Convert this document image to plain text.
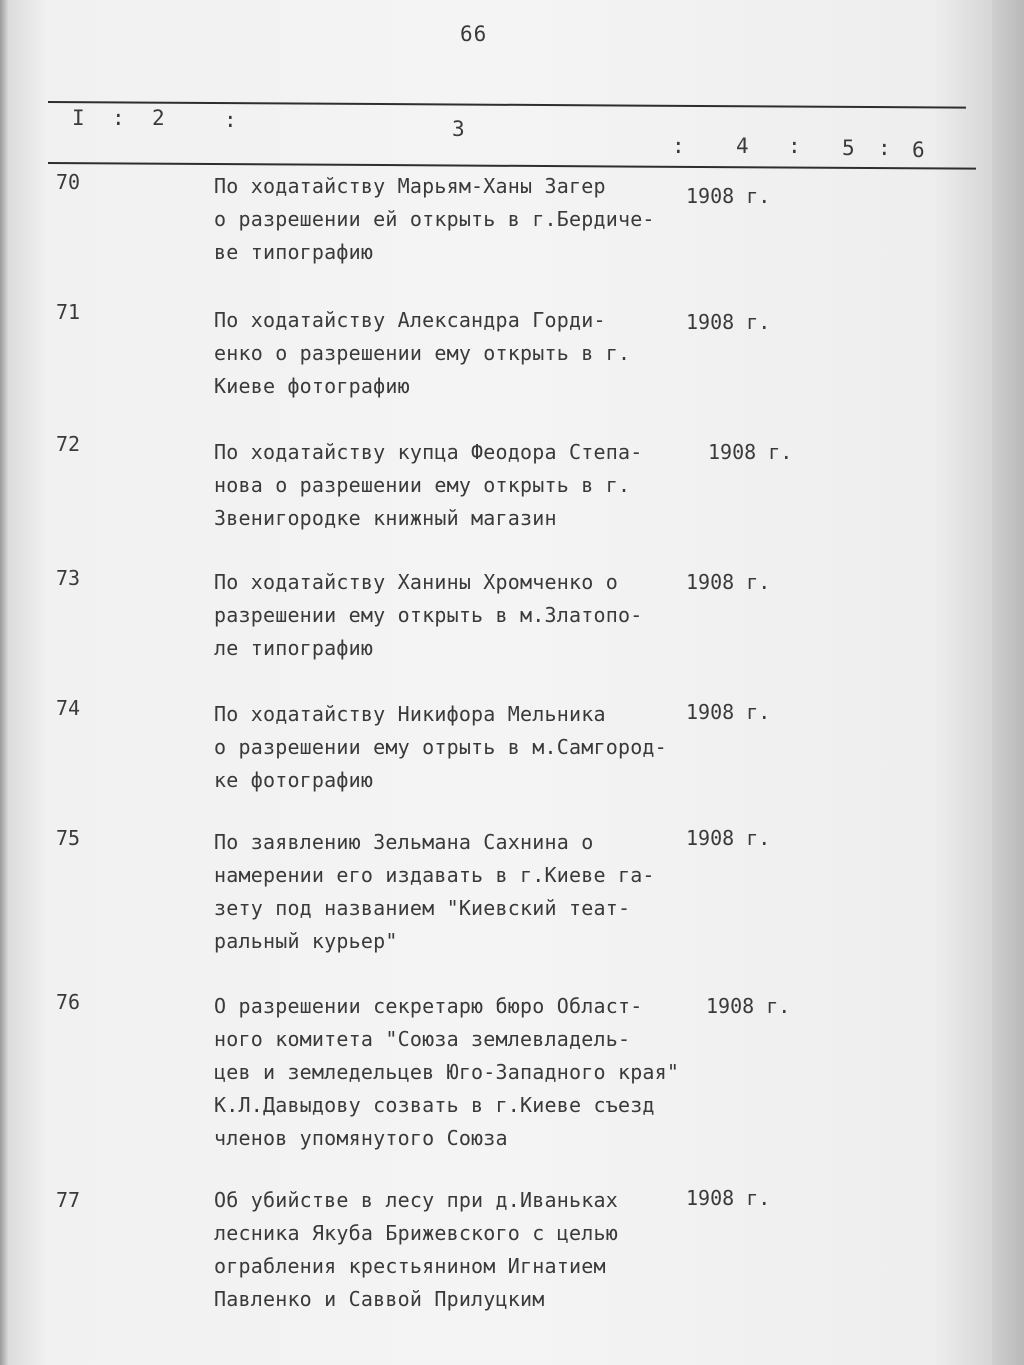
66
I : 2	:	3
: 4 : 5 : 6
70	По ходатайству Марьям-Ханы Загер
о разрешении ей открыть в г.Бердиче-
ве типографию
1908 г.
71	По ходатайству Александра Горди-
енко о разрешении ему открыть в г.
Киеве фотографию
1908 г.
72	По ходатайству купца Феодора Степа-
нова о разрешении ему открыть в г.
Звенигородке книжный магазин
1908 г.
73	По ходатайству Ханины Хромченко о
разрешении ему открыть в м.Златопо-
ле типографию
1908 г.
74	По ходатайству Никифора Мельника
о разрешении ему отрыть в м.Самгород-
ке фотографию
1908 г.
75	По заявлению Зельмана Сахнина о
намерении его издавать в г.Киеве га-
зету под названием "Киевский теат-
ральный курьер"
1908 г.
76	О разрешении секретарю бюро Област-
ного комитета "Союза землевладель-
цев и земледельцев Юго-Западного края"
К.Л.Давыдову созвать в г.Киеве съезд
членов упомянутого Союза
1908 г.
77	Об убийстве в лесу при д.Иваньках
лесника Якуба Брижевского с целью
ограбления крестьянином Игнатием
Павленко и Саввой Прилуцким
1908 г.
